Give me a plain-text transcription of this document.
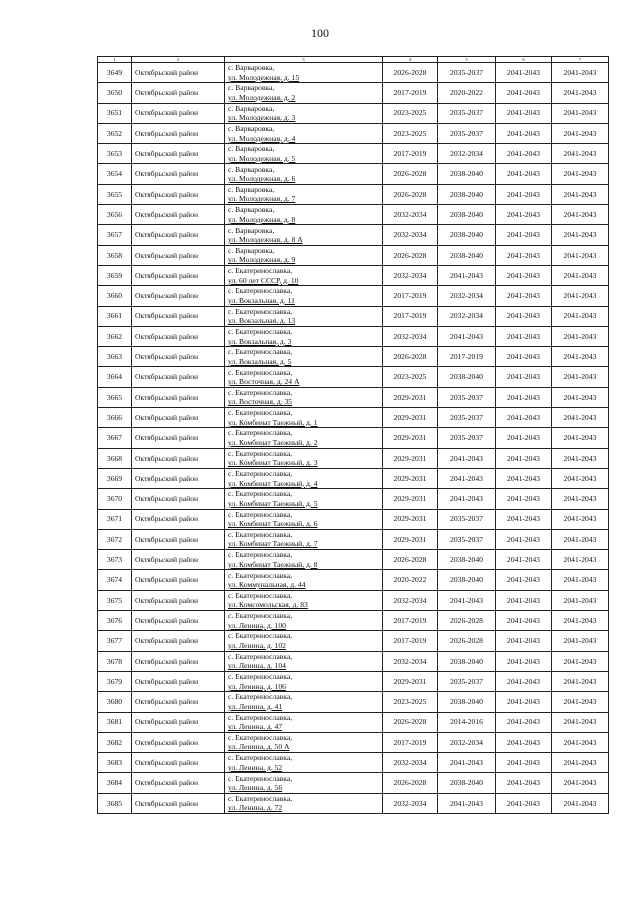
100
1	2	3	4	5	6	7
3649	Октябрьский район	с. Варваровка,
ул. Молодежная, д. 15	2026-2028	2035-2037	2041-2043	2041-2043
3650	Октябрьский район	с. Варваровка,
ул. Молодежная, д. 2	2017-2019	2020-2022	2041-2043	2041-2043
3651	Октябрьский район	с. Варваровка,
ул. Молодежная, д. 3	2023-2025	2035-2037	2041-2043	2041-2043
3652	Октябрьский район	с. Варваровка,
ул. Молодежная, д. 4	2023-2025	2035-2037	2041-2043	2041-2043
3653	Октябрьский район	с. Варваровка,
ул. Молодежная, д. 5	2017-2019	2032-2034	2041-2043	2041-2043
3654	Октябрьский район	с. Варваровка,
ул. Молодежная, д. 6	2026-2028	2038-2040	2041-2043	2041-2043
3655	Октябрьский район	с. Варваровка,
ул. Молодежная, д. 7	2026-2028	2038-2040	2041-2043	2041-2043
3656	Октябрьский район	с. Варваровка,
ул. Молодежная, д. 8	2032-2034	2038-2040	2041-2043	2041-2043
3657	Октябрьский район	с. Варваровка,
ул. Молодежная, д. 8 А	2032-2034	2038-2040	2041-2043	2041-2043
3658	Октябрьский район	с. Варваровка,
ул. Молодежная, д. 9	2026-2028	2038-2040	2041-2043	2041-2043
3659	Октябрьский район	с. Екатеринославка,
ул. 60 лет СССР, д. 10	2032-2034	2041-2043	2041-2043	2041-2043
3660	Октябрьский район	с. Екатеринославка,
ул. Вокзальная, д. 11	2017-2019	2032-2034	2041-2043	2041-2043
3661	Октябрьский район	с. Екатеринославка,
ул. Вокзальная, д. 13	2017-2019	2032-2034	2041-2043	2041-2043
3662	Октябрьский район	с. Екатеринославка,
ул. Вокзальная, д. 3	2032-2034	2041-2043	2041-2043	2041-2043
3663	Октябрьский район	с. Екатеринославка,
ул. Вокзальная, д. 5	2026-2028	2017-2019	2041-2043	2041-2043
3664	Октябрьский район	с. Екатеринославка,
ул. Восточная, д. 24 А	2023-2025	2038-2040	2041-2043	2041-2043
3665	Октябрьский район	с. Екатеринославка,
ул. Восточная, д. 35	2029-2031	2035-2037	2041-2043	2041-2043
3666	Октябрьский район	с. Екатеринославка,
ул. Комбинат Таежный, д. 1	2029-2031	2035-2037	2041-2043	2041-2043
3667	Октябрьский район	с. Екатеринославка,
ул. Комбинат Таежный, д. 2	2029-2031	2035-2037	2041-2043	2041-2043
3668	Октябрьский район	с. Екатеринославка,
ул. Комбинат Таежный, д. 3	2029-2031	2041-2043	2041-2043	2041-2043
3669	Октябрьский район	с. Екатеринославка,
ул. Комбинат Таежный, д. 4	2029-2031	2041-2043	2041-2043	2041-2043
3670	Октябрьский район	с. Екатеринославка,
ул. Комбинат Таежный, д. 5	2029-2031	2041-2043	2041-2043	2041-2043
3671	Октябрьский район	с. Екатеринославка,
ул. Комбинат Таежный, д. 6	2029-2031	2035-2037	2041-2043	2041-2043
3672	Октябрьский район	с. Екатеринославка,
ул. Комбинат Таежный, д. 7	2029-2031	2035-2037	2041-2043	2041-2043
3673	Октябрьский район	с. Екатеринославка,
ул. Комбинат Таежный, д. 8	2026-2028	2038-2040	2041-2043	2041-2043
3674	Октябрьский район	с. Екатеринославка,
ул. Коммунальная, д. 44	2020-2022	2038-2040	2041-2043	2041-2043
3675	Октябрьский район	с. Екатеринославка,
ул. Комсомольская, д. 83	2032-2034	2041-2043	2041-2043	2041-2043
3676	Октябрьский район	с. Екатеринославка,
ул. Ленина, д. 100	2017-2019	2026-2028	2041-2043	2041-2043
3677	Октябрьский район	с. Екатеринославка,
ул. Ленина, д. 102	2017-2019	2026-2028	2041-2043	2041-2043
3678	Октябрьский район	с. Екатеринославка,
ул. Ленина, д. 104	2032-2034	2038-2040	2041-2043	2041-2043
3679	Октябрьский район	с. Екатеринославка,
ул. Ленина, д. 106	2029-2031	2035-2037	2041-2043	2041-2043
3680	Октябрьский район	с. Екатеринославка,
ул. Ленина, д. 41	2023-2025	2038-2040	2041-2043	2041-2043
3681	Октябрьский район	с. Екатеринославка,
ул. Ленина, д. 47	2026-2028	2014-2016	2041-2043	2041-2043
3682	Октябрьский район	с. Екатеринославка,
ул. Ленина, д. 50 А	2017-2019	2032-2034	2041-2043	2041-2043
3683	Октябрьский район	с. Екатеринославка,
ул. Ленина, д. 52	2032-2034	2041-2043	2041-2043	2041-2043
3684	Октябрьский район	с. Екатеринославка,
ул. Ленина, д. 56	2026-2028	2038-2040	2041-2043	2041-2043
3685	Октябрьский район	с. Екатеринославка,
ул. Ленина, д. 72	2032-2034	2041-2043	2041-2043	2041-2043
